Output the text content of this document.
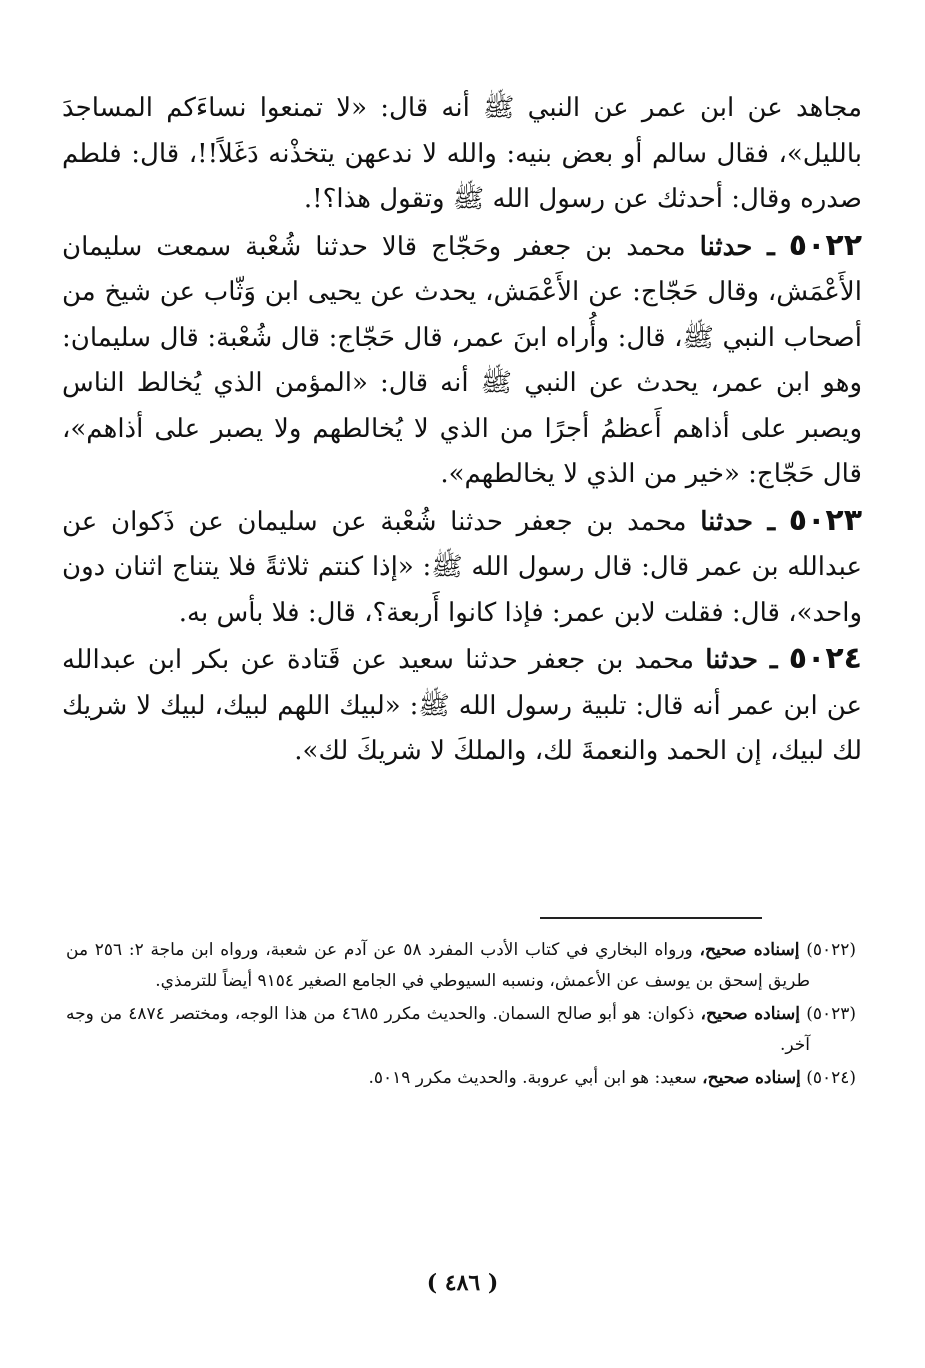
مجاهد عن ابن عمر عن النبي ﷺ أنه قال: «لا تمنعوا نساءَكم المساجدَ بالليل»، فقال سالم أو بعض بنيه: والله لا ندعهن يتخذْنه دَغَلاً!!، قال: فلطم صدره وقال: أحدثك عن رسول الله ﷺ وتقول هذا؟!.

٥٠٢٢ ـ حدثنا محمد بن جعفر وحَجّاج قالا حدثنا شُعْبة سمعت سليمان الأَعْمَش، وقال حَجّاج: عن الأَعْمَش، يحدث عن يحيى ابن وَثّاب عن شيخ من أصحاب النبي ﷺ، قال: وأُراه ابنَ عمر، قال حَجّاج: قال شُعْبة: قال سليمان: وهو ابن عمر، يحدث عن النبي ﷺ أنه قال: «المؤمن الذي يُخالط الناس ويصبر على أذاهم أَعظمُ أجرًا من الذي لا يُخالطهم ولا يصبر على أذاهم»، قال حَجّاج: «خير من الذي لا يخالطهم».

٥٠٢٣ ـ حدثنا محمد بن جعفر حدثنا شُعْبة عن سليمان عن ذَكوان عن عبدالله بن عمر قال: قال رسول الله ﷺ: «إذا كنتم ثلاثةً فلا يتناج اثنان دون واحد»، قال: فقلت لابن عمر: فإذا كانوا أَربعة؟، قال: فلا بأس به.

٥٠٢٤ ـ حدثنا محمد بن جعفر حدثنا سعيد عن قَتادة عن بكر ابن عبدالله عن ابن عمر أنه قال: تلبية رسول الله ﷺ: «لبيك اللهم لبيك، لبيك لا شريك لك لبيك، إن الحمد والنعمةَ لك، والملكَ لا شريكَ لك».

(٥٠٢٢) إسناده صحيح، ورواه البخاري في كتاب الأدب المفرد ٥٨ عن آدم عن شعبة، ورواه ابن ماجة ٢: ٢٥٦ من طريق إسحق بن يوسف عن الأعمش، ونسبه السيوطي في الجامع الصغير ٩١٥٤ أيضاً للترمذي.

(٥٠٢٣) إسناده صحيح، ذكوان: هو أبو صالح السمان. والحديث مكرر ٤٦٨٥ من هذا الوجه، ومختصر ٤٨٧٤ من وجه آخر.

(٥٠٢٤) إسناده صحيح، سعيد: هو ابن أبي عروبة. والحديث مكرر ٥٠١٩.

( ٤٨٦ )
